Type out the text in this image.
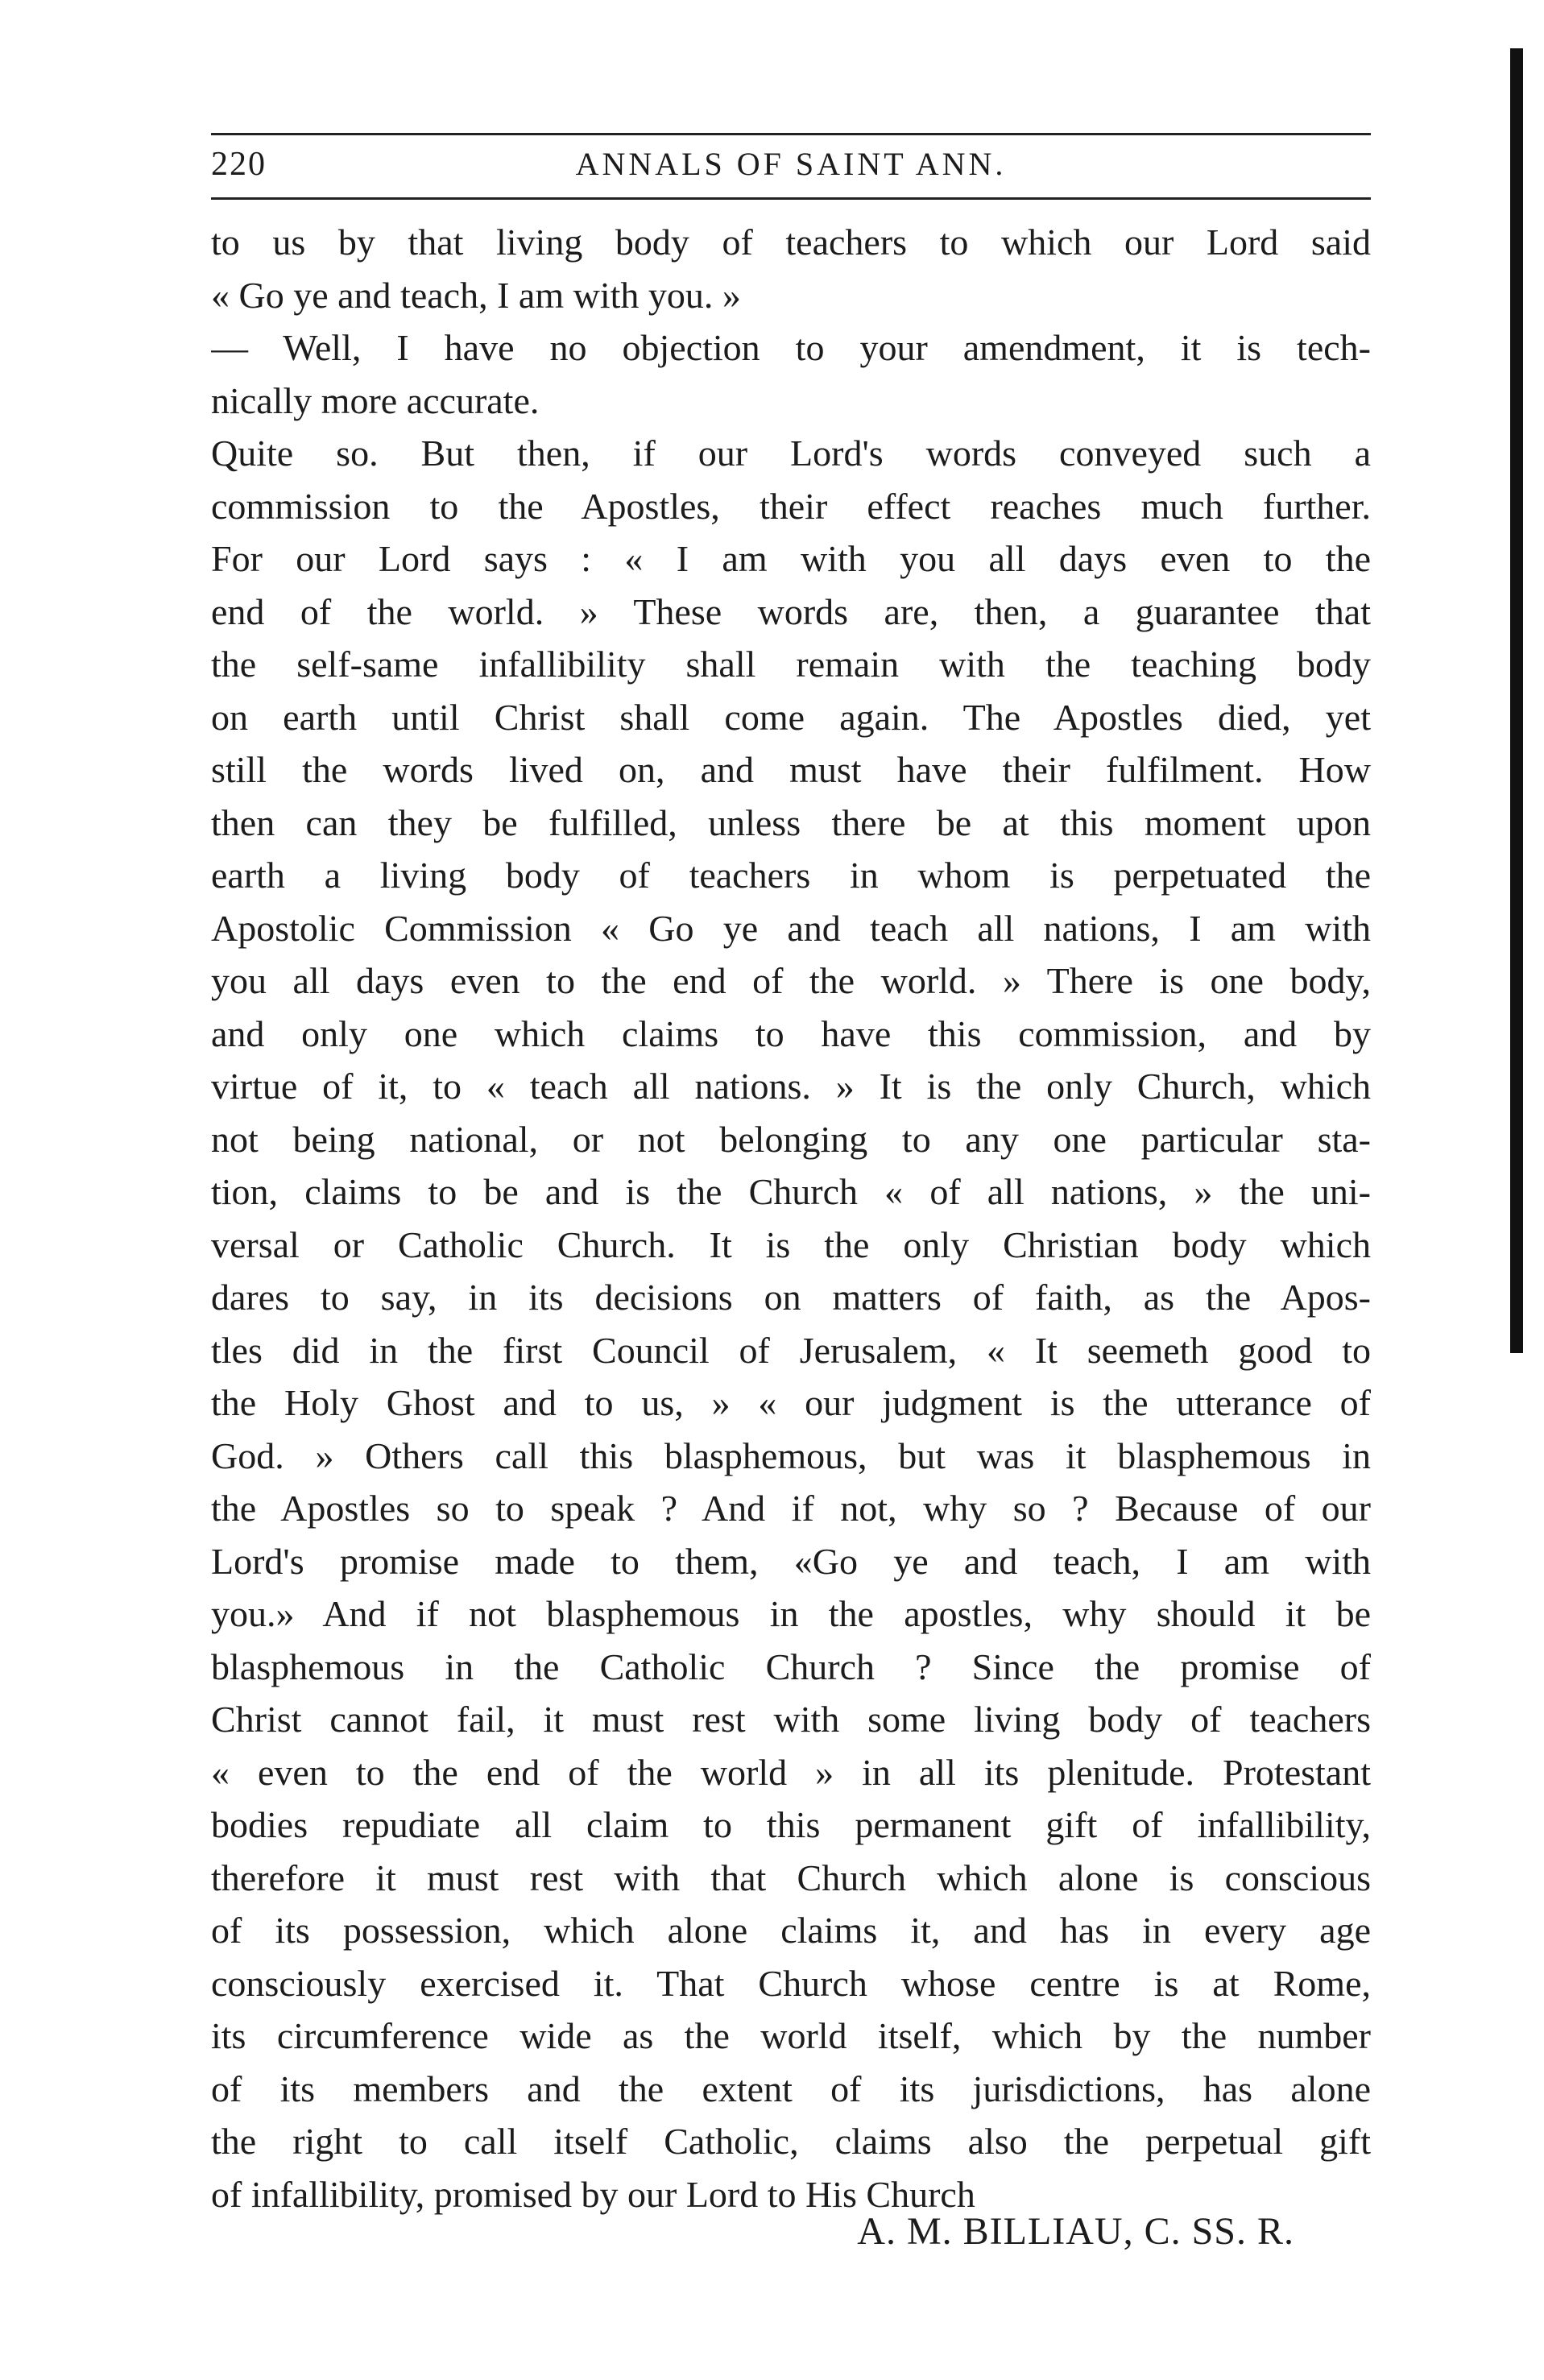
220	ANNALS OF SAINT ANN.
to us by that living body of teachers to which our Lord said
« Go ye and teach, I am with you. »
— Well, I have no objection to your amendment, it is tech-
nically more accurate.
Quite so. But then, if our Lord's words conveyed such a
commission to the Apostles, their effect reaches much further.
For our Lord says : « I am with you all days even to the
end of the world. » These words are, then, a guarantee that
the self-same infallibility shall remain with the teaching body
on earth until Christ shall come again. The Apostles died, yet
still the words lived on, and must have their fulfilment. How
then can they be fulfilled, unless there be at this moment upon
earth a living body of teachers in whom is perpetuated the
Apostolic Commission « Go ye and teach all nations, I am with
you all days even to the end of the world. » There is one body,
and only one which claims to have this commission, and by
virtue of it, to « teach all nations. » It is the only Church, which
not being national, or not belonging to any one particular sta-
tion, claims to be and is the Church « of all nations, » the uni-
versal or Catholic Church. It is the only Christian body which
dares to say, in its decisions on matters of faith, as the Apos-
tles did in the first Council of Jerusalem, « It seemeth good to
the Holy Ghost and to us, » « our judgment is the utterance of
God. » Others call this blasphemous, but was it blasphemous in
the Apostles so to speak ? And if not, why so ? Because of our
Lord's promise made to them, «Go ye and teach, I am with
you.» And if not blasphemous in the apostles, why should it be
blasphemous in the Catholic Church ? Since the promise of
Christ cannot fail, it must rest with some living body of teachers
« even to the end of the world » in all its plenitude. Protestant
bodies repudiate all claim to this permanent gift of infallibility,
therefore it must rest with that Church which alone is conscious
of its possession, which alone claims it, and has in every age
consciously exercised it. That Church whose centre is at Rome,
its circumference wide as the world itself, which by the number
of its members and the extent of its jurisdictions, has alone
the right to call itself Catholic, claims also the perpetual gift
of infallibility, promised by our Lord to His Church
A. M. BILLIAU, C. SS. R.
